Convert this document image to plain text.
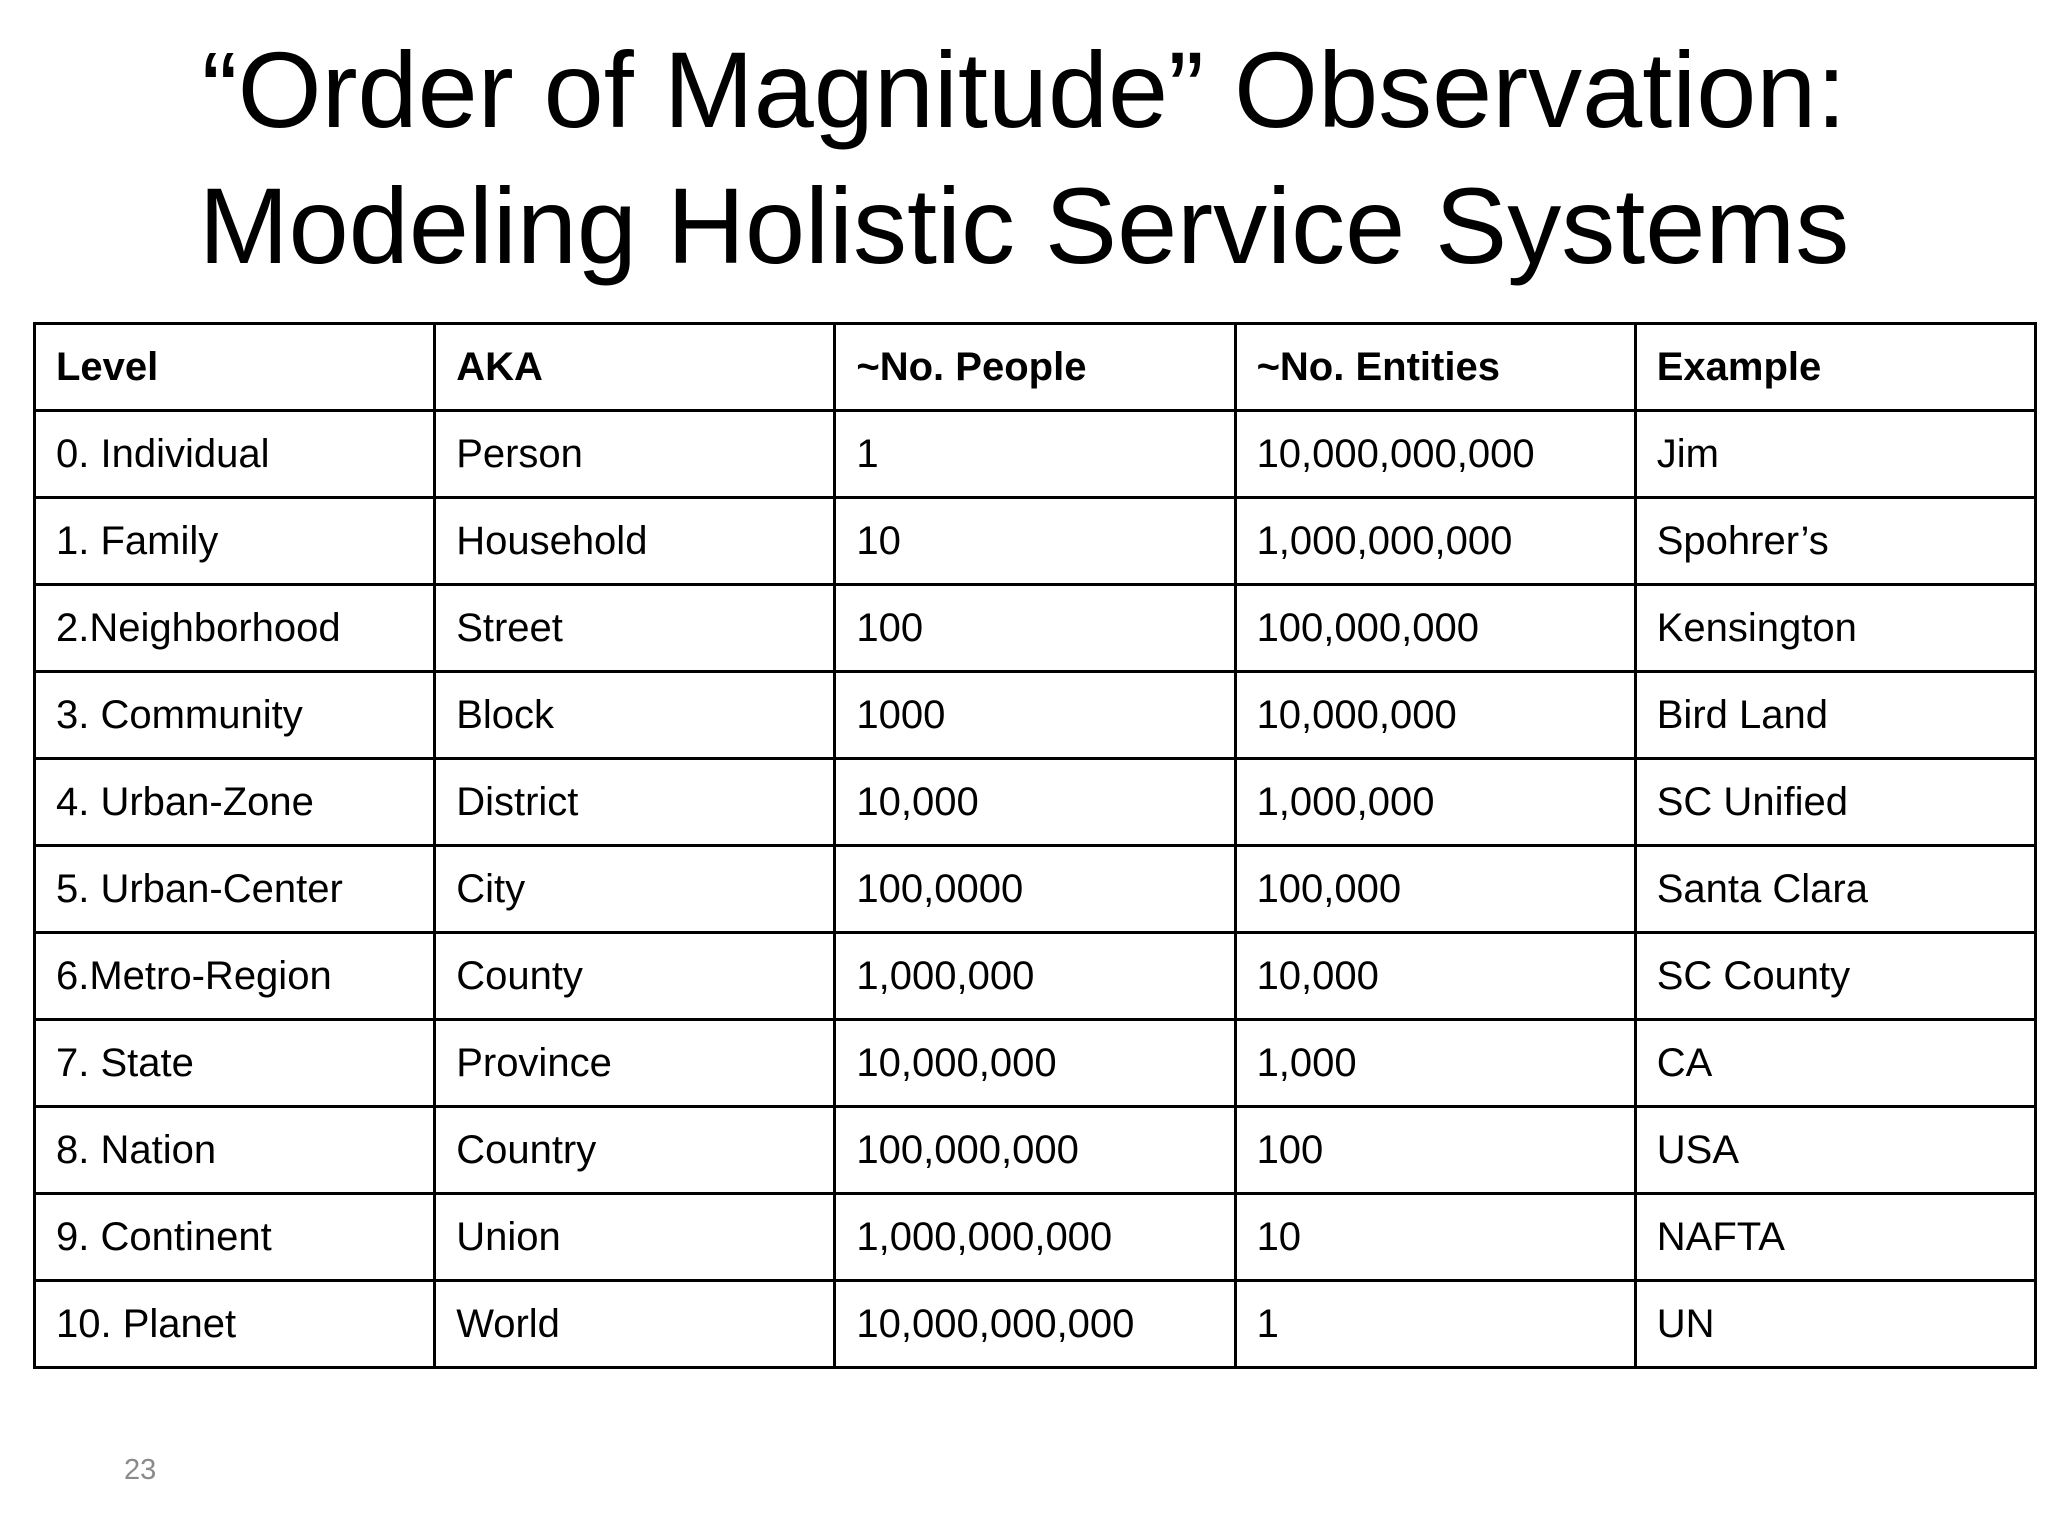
“Order of Magnitude” Observation:
Modeling Holistic Service Systems
Level	AKA	~No. People	~No. Entities	Example
0. Individual	Person	1	10,000,000,000	Jim
1. Family	Household	10	1,000,000,000	Spohrer’s
2.Neighborhood	Street	100	100,000,000	Kensington
3. Community	Block	1000	10,000,000	Bird Land
4. Urban-Zone	District	10,000	1,000,000	SC Unified
5. Urban-Center	City	100,0000	100,000	Santa Clara
6.Metro-Region	County	1,000,000	10,000	SC County
7. State	Province	10,000,000	1,000	CA
8. Nation	Country	100,000,000	100	USA
9. Continent	Union	1,000,000,000	10	NAFTA
10. Planet	World	10,000,000,000	1	UN
23
